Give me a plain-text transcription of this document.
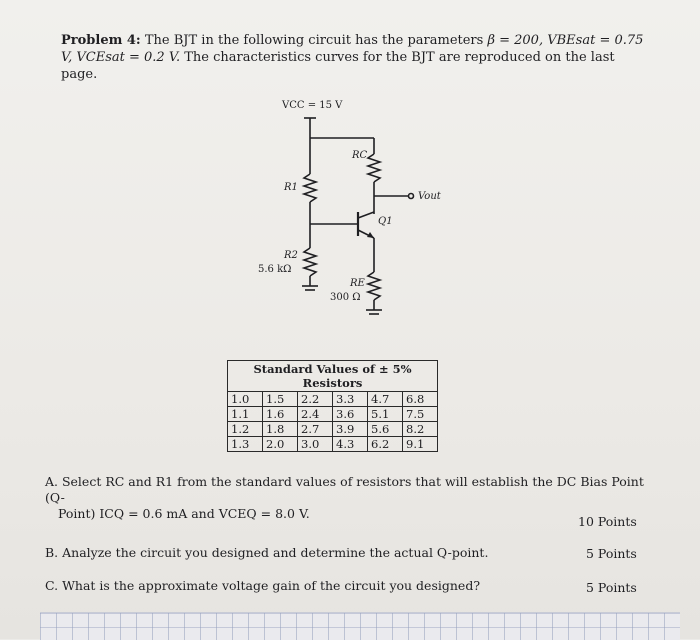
Problem 4: The BJT in the following circuit has the parameters β = 200, VBEsat = 0.75 V, VCEsat = 0.2 V. The characteristics curves for the BJT are reproduced on the last page.
VCC = 15 V
RC
R1
R2
5.6 kΩ
RE
300 Ω
Q1
Vout
Standard Values of ± 5% Resistors
1.0	1.5	2.2	3.3	4.7	6.8
1.1	1.6	2.4	3.6	5.1	7.5
1.2	1.8	2.7	3.9	5.6	8.2
1.3	2.0	3.0	4.3	6.2	9.1
A. Select RC and R1 from the standard values of resistors that will establish the DC Bias Point (Q-
Point) ICQ = 0.6 mA and VCEQ = 8.0 V.
10 Points
B. Analyze the circuit you designed and determine the actual Q-point.	5 Points
C. What is the approximate voltage gain of the circuit you designed?	5 Points
